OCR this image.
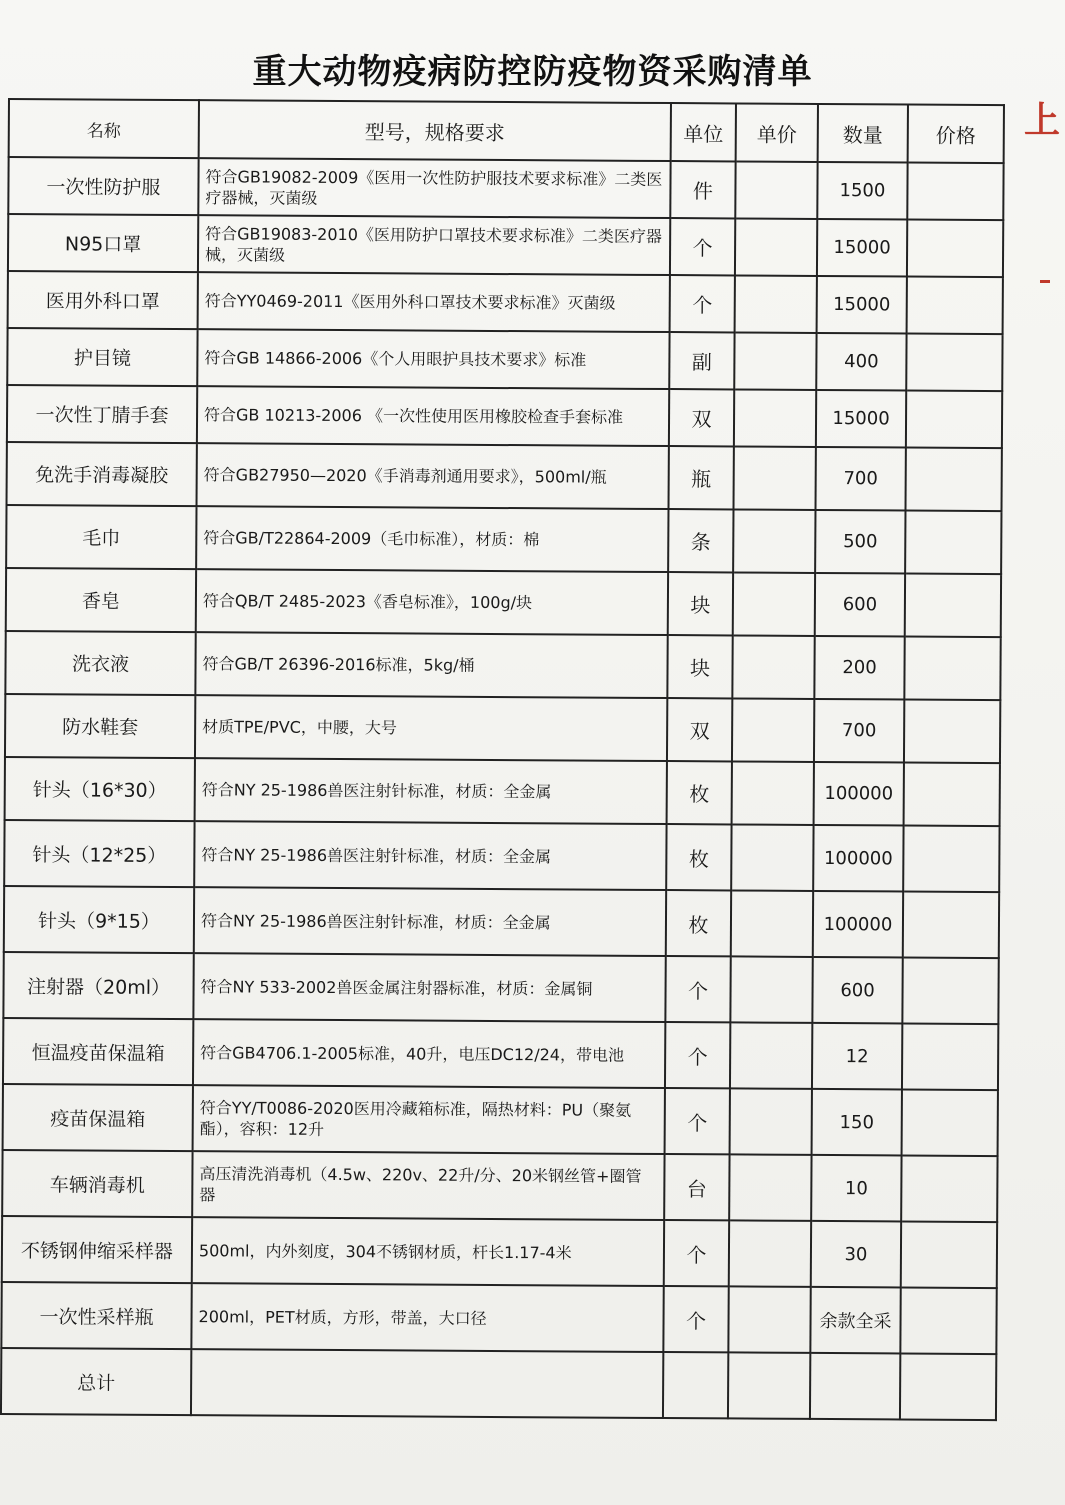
重大动物疫病防控防疫物资采购清单
上
名称	型号，规格要求	单位	单价	数量	价格
一次性防护服	符合GB19082-2009《医用一次性防护服技术要求标准》二类医疗器械，灭菌级	件		1500	
N95口罩	符合GB19083-2010《医用防护口罩技术要求标准》二类医疗器械，灭菌级	个		15000	
医用外科口罩	符合YY0469-2011《医用外科口罩技术要求标准》灭菌级	个		15000	
护目镜	符合GB 14866-2006《个人用眼护具技术要求》标准	副		400	
一次性丁腈手套	符合GB 10213-2006 《一次性使用医用橡胶检查手套标准	双		15000	
免洗手消毒凝胶	符合GB27950—2020《手消毒剂通用要求》，500ml/瓶	瓶		700	
毛巾	符合GB/T22864-2009（毛巾标准），材质：棉	条		500	
香皂	符合QB/T 2485-2023《香皂标准》，100g/块	块		600	
洗衣液	符合GB/T 26396-2016标准，5kg/桶	块		200	
防水鞋套	材质TPE/PVC，中腰，大号	双		700	
针头（16*30）	符合NY 25-1986兽医注射针标准，材质：全金属	枚		100000	
针头（12*25）	符合NY 25-1986兽医注射针标准，材质：全金属	枚		100000	
针头（9*15）	符合NY 25-1986兽医注射针标准，材质：全金属	枚		100000	
注射器（20ml）	符合NY 533-2002兽医金属注射器标准，材质：金属铜	个		600	
恒温疫苗保温箱	符合GB4706.1-2005标准，40升，电压DC12/24，带电池	个		12	
疫苗保温箱	符合YY/T0086-2020医用冷藏箱标准，隔热材料：PU（聚氨酯），容积：12升	个		150	
车辆消毒机	高压清洗消毒机（4.5w、220v、22升/分、20米钢丝管+圈管器	台		10	
不锈钢伸缩采样器	500ml，内外刻度，304不锈钢材质，杆长1.17-4米	个		30	
一次性采样瓶	200ml，PET材质，方形，带盖，大口径	个		余款全采	
总计					
